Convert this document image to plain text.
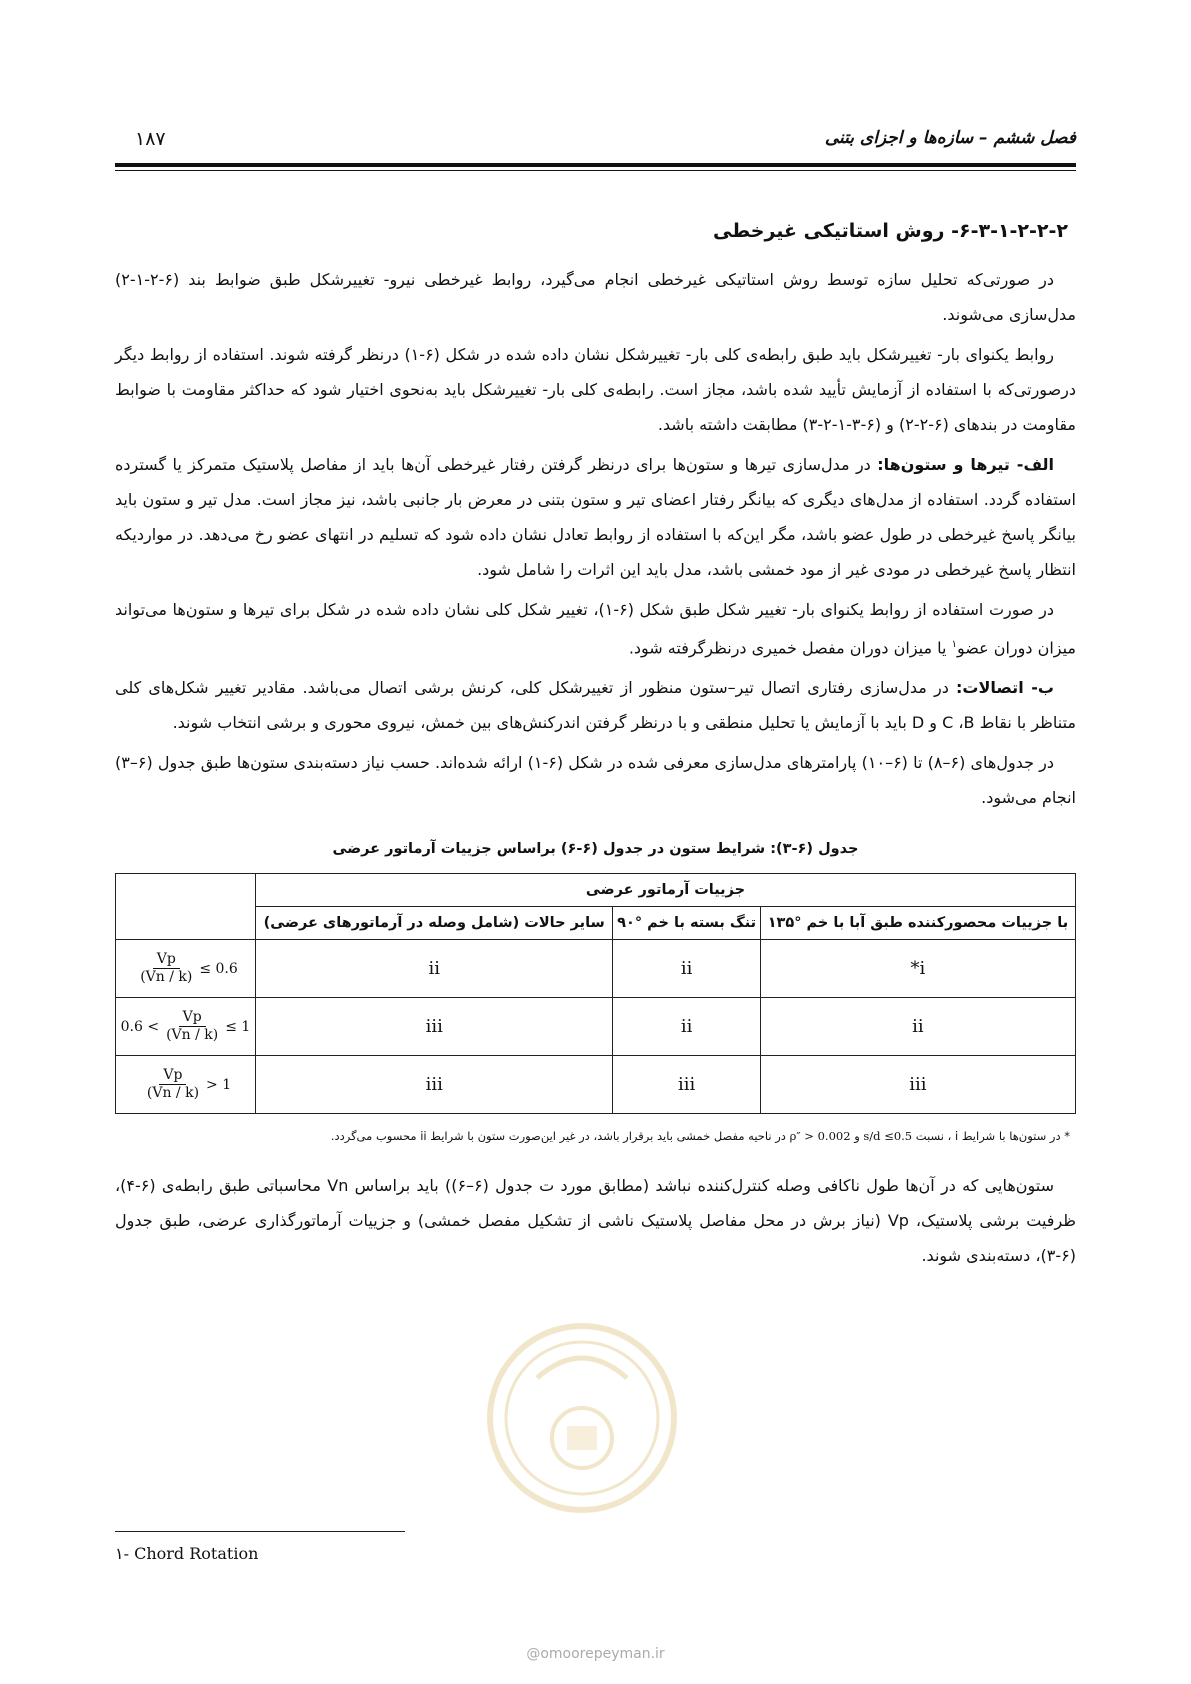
فصل ششم – سازه‌ها و اجزای بتنی
۱۸۷
۶-۳-۱-۲-۲-۲- روش استاتیکی غیرخطی

در صورتی‌که تحلیل سازه توسط روش استاتیکی غیرخطی انجام می‌گیرد، روابط غیرخطی نیرو- تغییرشکل طبق ضوابط بند (۶-۲-۱-۲) مدل‌سازی می‌شوند.

روابط یکنوای بار- تغییرشکل باید طبق رابطه‌ی کلی بار- تغییرشکل نشان داده شده در شکل (۶-۱) درنظر گرفته شوند. استفاده از روابط دیگر درصورتی‌که با استفاده از آزمایش تأیید شده باشد، مجاز است. رابطه‌ی کلی بار- تغییرشکل باید به‌نحوی اختیار شود که حداکثر مقاومت با ضوابط مقاومت در بندهای (۶-۲-۲) و (۶-۳-۱-۲-۳) مطابقت داشته باشد.

الف- تیرها و ستون‌ها: در مدل‌سازی تیرها و ستون‌ها برای درنظر گرفتن رفتار غیرخطی آن‌ها باید از مفاصل پلاستیک متمرکز یا گسترده استفاده گردد. استفاده از مدل‌های دیگری که بیانگر رفتار اعضای تیر و ستون بتنی در معرض بار جانبی باشد، نیز مجاز است. مدل تیر و ستون باید بیانگر پاسخ غیرخطی در طول عضو باشد، مگر این‌که با استفاده از روابط تعادل نشان داده شود که تسلیم در انتهای عضو رخ می‌دهد. در مواردیکه انتظار پاسخ غیرخطی در مودی غیر از مود خمشی باشد، مدل باید این اثرات را شامل شود.

در صورت استفاده از روابط یکنوای بار- تغییر شکل طبق شکل (۶-۱)، تغییر شکل کلی نشان داده شده در شکل برای تیرها و ستون‌ها می‌تواند میزان دوران عضو$^۱$ یا میزان دوران مفصل خمیری درنظرگرفته شود.

ب- اتصالات: در مدل‌سازی رفتاری اتصال تیر–ستون منظور از تغییرشکل کلی، کرنش برشی اتصال می‌باشد. مقادیر تغییر شکل‌های کلی متناظر با نقاط C ،B و D باید با آزمایش یا تحلیل منطقی و با درنظر گرفتن اندرکنش‌های بین خمش، نیروی محوری و برشی انتخاب شوند.

در جدول‌های (۶–۸) تا (۶–۱۰) پارامترهای مدل‌سازی معرفی شده در شکل (۶-۱) ارائه شده‌اند. حسب نیاز دسته‌بندی ستون‌ها طبق جدول (۶–۳) انجام می‌شود.

جدول (۶-۳): شرایط ستون در جدول (۶-۶) براساس جزییات آرماتور عرضی
جزییات آرماتور عرضی			
با جزییات محصورکننده طبق آبا با خم °۱۳۵	تنگ بسته با خم °۹۰	سایر حالات (شامل وصله در آرماتورهای عرضی)	
i*	ii	ii	$\frac{Vp}{(Vn / k)} \le 0.6$
ii	ii	iii	$0.6 < \frac{Vp}{(Vn / k)} \le 1$
iii	iii	iii	$\frac{Vp}{(Vn / k)} > 1$
* در ستون‌ها با شرایط i ، نسبت s/d ≤0.5 و ρ″ > 0.002 در ناحیه مفصل خمشی باید برقرار باشد، در غیر این‌صورت ستون با شرایط ii محسوب می‌گردد.

ستون‌هایی که در آن‌ها طول ناکافی وصله کنترل‌کننده نباشد (مطابق مورد ت جدول (۶–۶)) باید براساس Vn محاسباتی طبق رابطه‌ی (۶-۴)، ظرفیت برشی پلاستیک، Vp (نیاز برش در محل مفاصل پلاستیک ناشی از تشکیل مفصل خمشی) و جزییات آرماتورگذاری عرضی، طبق جدول (۶-۳)، دسته‌بندی شوند.

۱- Chord Rotation
@omoorepeyman.ir
